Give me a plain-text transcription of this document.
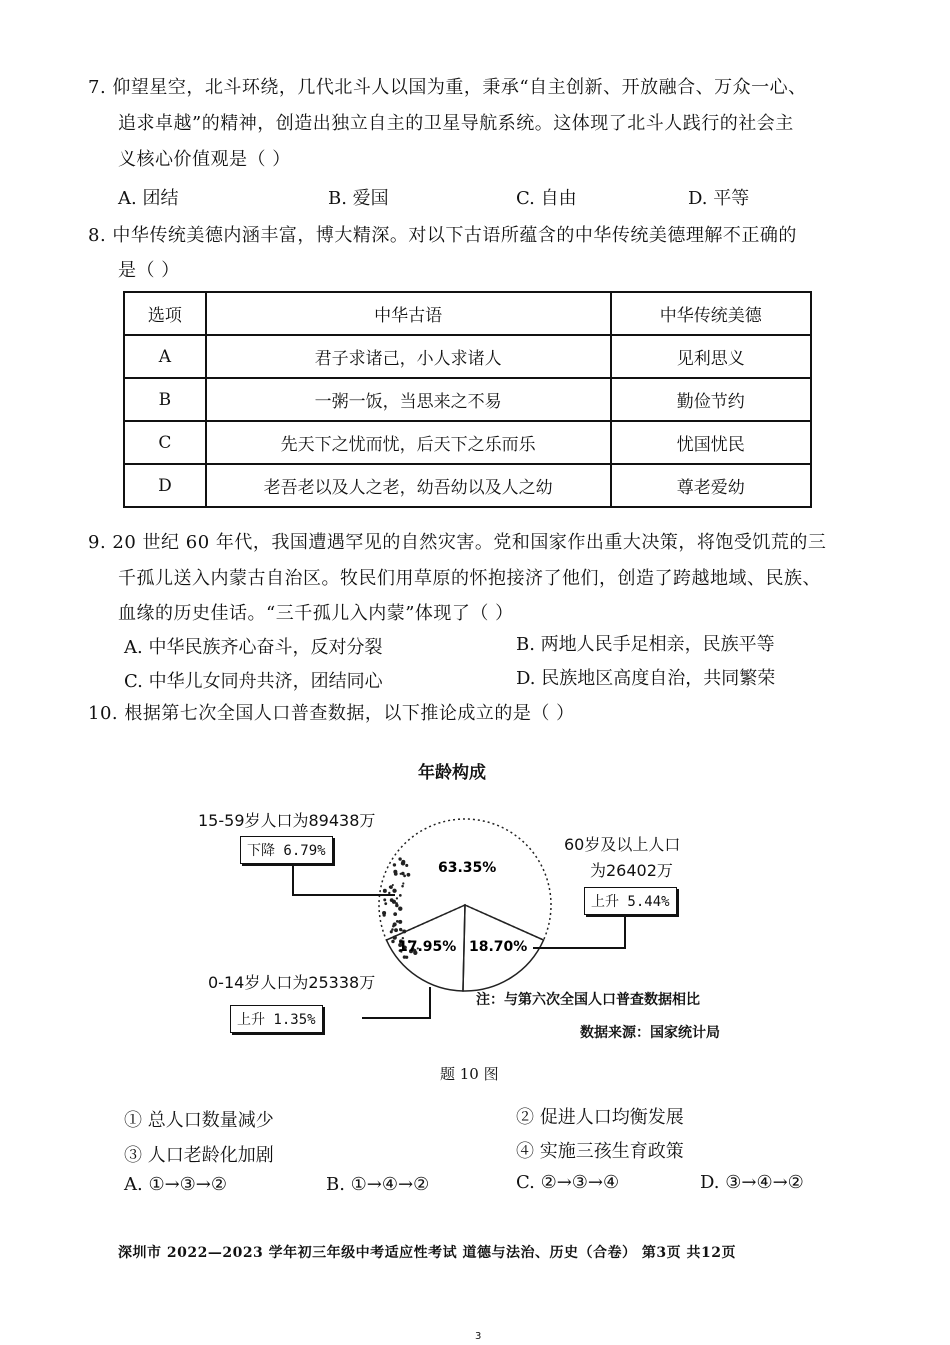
7. 仰望星空，北斗环绕，几代北斗人以国为重，秉承“自主创新、开放融合、万众一心、
追求卓越”的精神，创造出独立自主的卫星导航系统。这体现了北斗人践行的社会主
义核心价值观是（ ）
A. 团结	B. 爱国	C. 自由	D. 平等
8. 中华传统美德内涵丰富，博大精深。对以下古语所蕴含的中华传统美德理解不正确的
是（ ）
选项	中华古语	中华传统美德
A	君子求诸己，小人求诸人	见利思义
B	一粥一饭，当思来之不易	勤俭节约
C	先天下之忧而忧，后天下之乐而乐	忧国忧民
D	老吾老以及人之老，幼吾幼以及人之幼	尊老爱幼
9. 20 世纪 60 年代，我国遭遇罕见的自然灾害。党和国家作出重大决策，将饱受饥荒的三
千孤儿送入内蒙古自治区。牧民们用草原的怀抱接济了他们，创造了跨越地域、民族、
血缘的历史佳话。“三千孤儿入内蒙”体现了（ ）
A. 中华民族齐心奋斗，反对分裂	B. 两地人民手足相亲，民族平等
C. 中华儿女同舟共济，团结同心	D. 民族地区高度自治，共同繁荣
10. 根据第七次全国人口普查数据，以下推论成立的是（ ）
年龄构成
17.95% 18.70%
63.35%
15-59岁人口为89438万
下降 6.79%	60岁及以上人口
为26402万
上升 5.44%
0-14岁人口为25338万
上升 1.35%
注：与第六次全国人口普查数据相比
数据来源：国家统计局
题 10 图
① 总人口数量减少	② 促进人口均衡发展
③ 人口老龄化加剧	④ 实施三孩生育政策
A. ①→③→②	B. ①→④→②	C. ②→③→④	D. ③→④→②
深圳市 2022—2023 学年初三年级中考适应性考试 道德与法治、历史（合卷） 第3页 共12页
3
